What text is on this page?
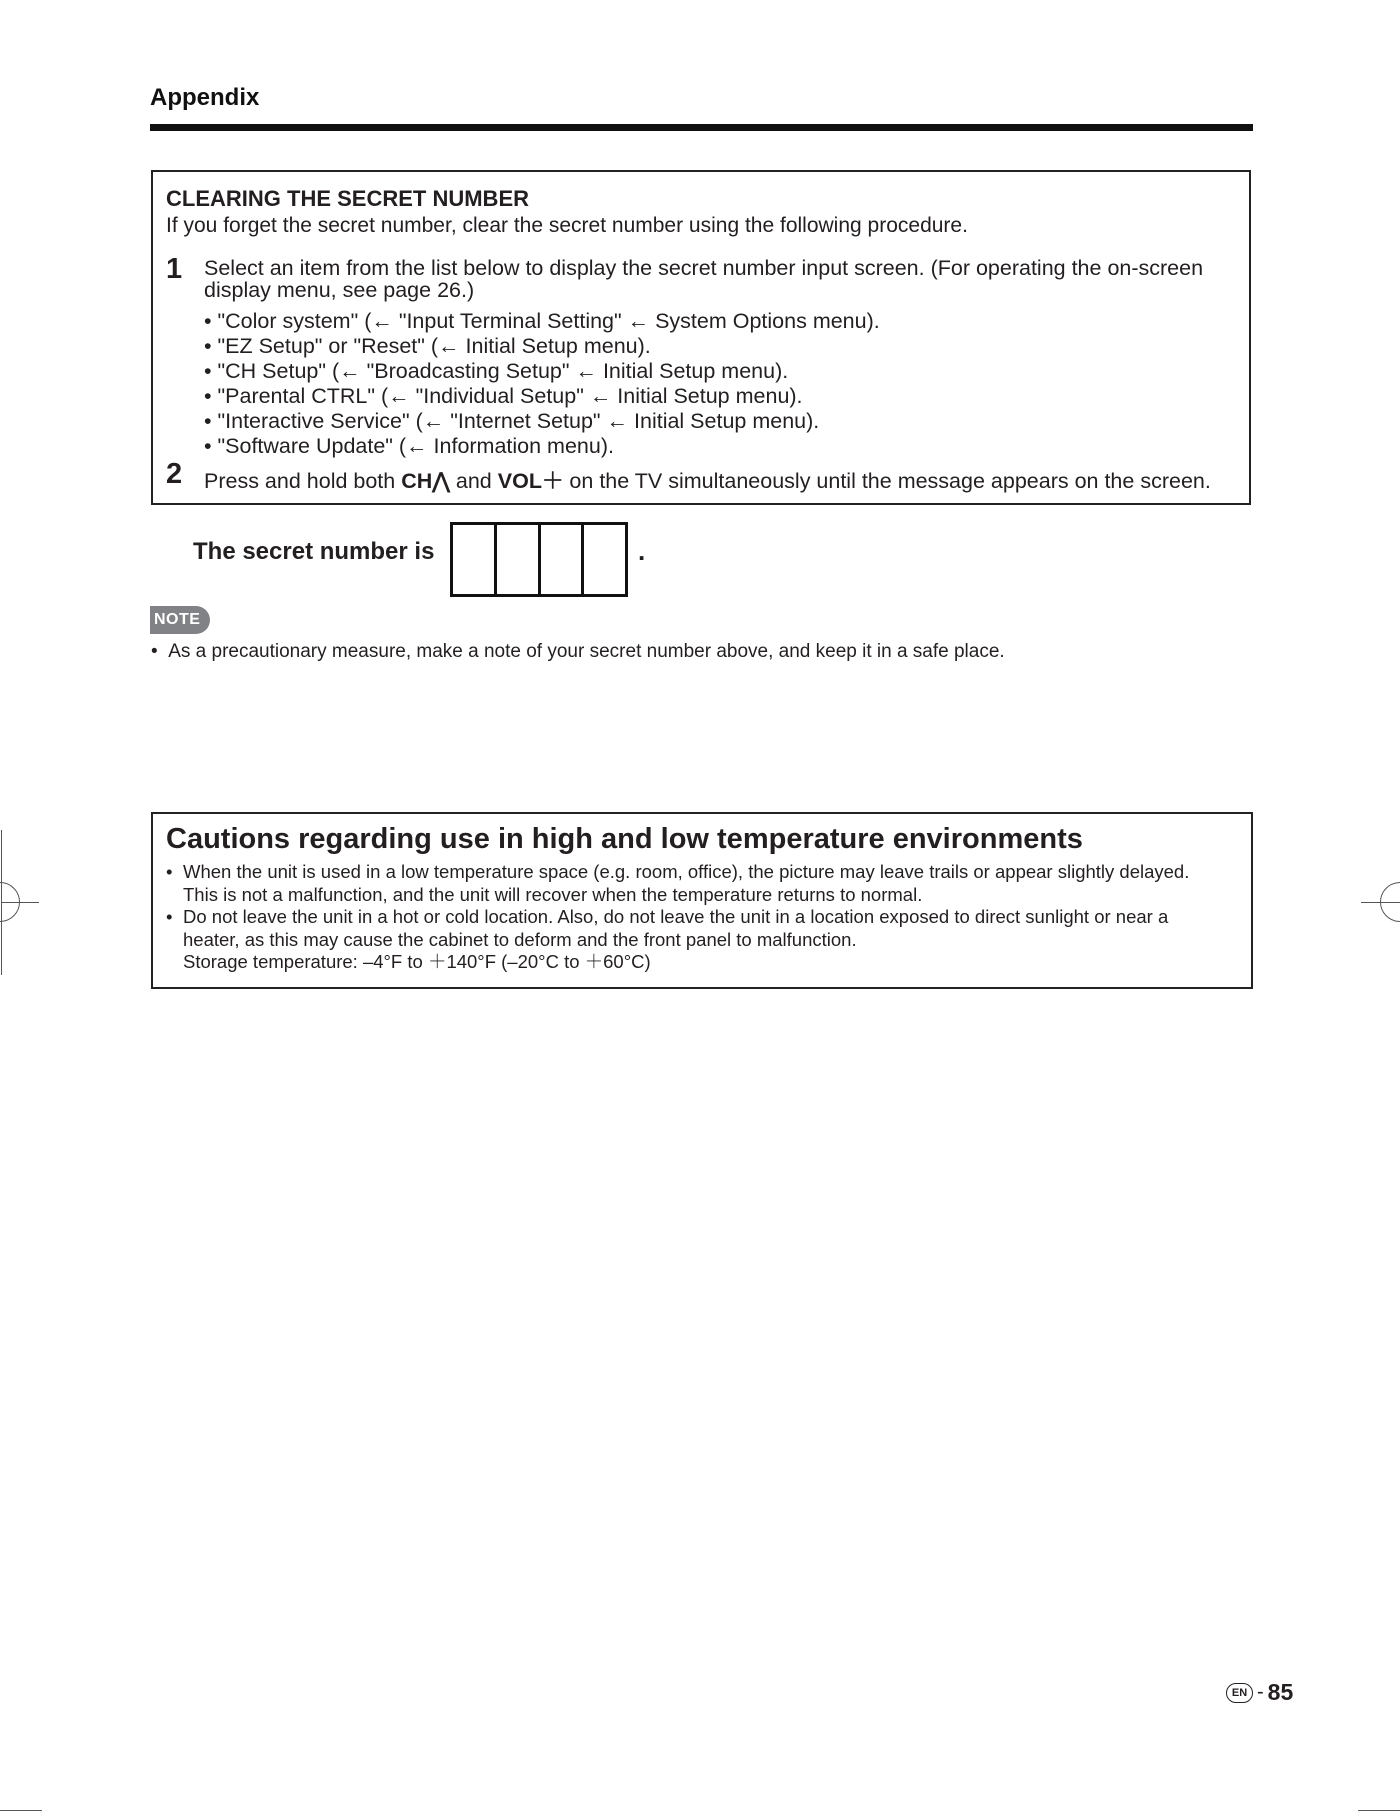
Appendix
CLEARING THE SECRET NUMBER
If you forget the secret number, clear the secret number using the following procedure.
1 Select an item from the list below to display the secret number input screen. (For operating the on-screen
display menu, see page 26.)
• "Color system" (← "Input Terminal Setting" ← System Options menu).
• "EZ Setup" or "Reset" (← Initial Setup menu).
• "CH Setup" (← "Broadcasting Setup" ← Initial Setup menu).
• "Parental CTRL" (← "Individual Setup" ← Initial Setup menu).
• "Interactive Service" (← "Internet Setup" ← Initial Setup menu).
• "Software Update" (← Information menu).
2 Press and hold both CH⋀ and VOL＋ on the TV simultaneously until the message appears on the screen.
The secret number is	.
NOTE
•  As a precautionary measure, make a note of your secret number above, and keep it in a safe place.
Cautions regarding use in high and low temperature environments
• When the unit is used in a low temperature space (e.g. room, office), the picture may leave trails or appear slightly delayed.
This is not a malfunction, and the unit will recover when the temperature returns to normal.
• Do not leave the unit in a hot or cold location. Also, do not leave the unit in a location exposed to direct sunlight or near a
heater, as this may cause the cabinet to deform and the front panel to malfunction.
Storage temperature: –4°F to ＋140°F (–20°C to ＋60°C)
EN - 85
